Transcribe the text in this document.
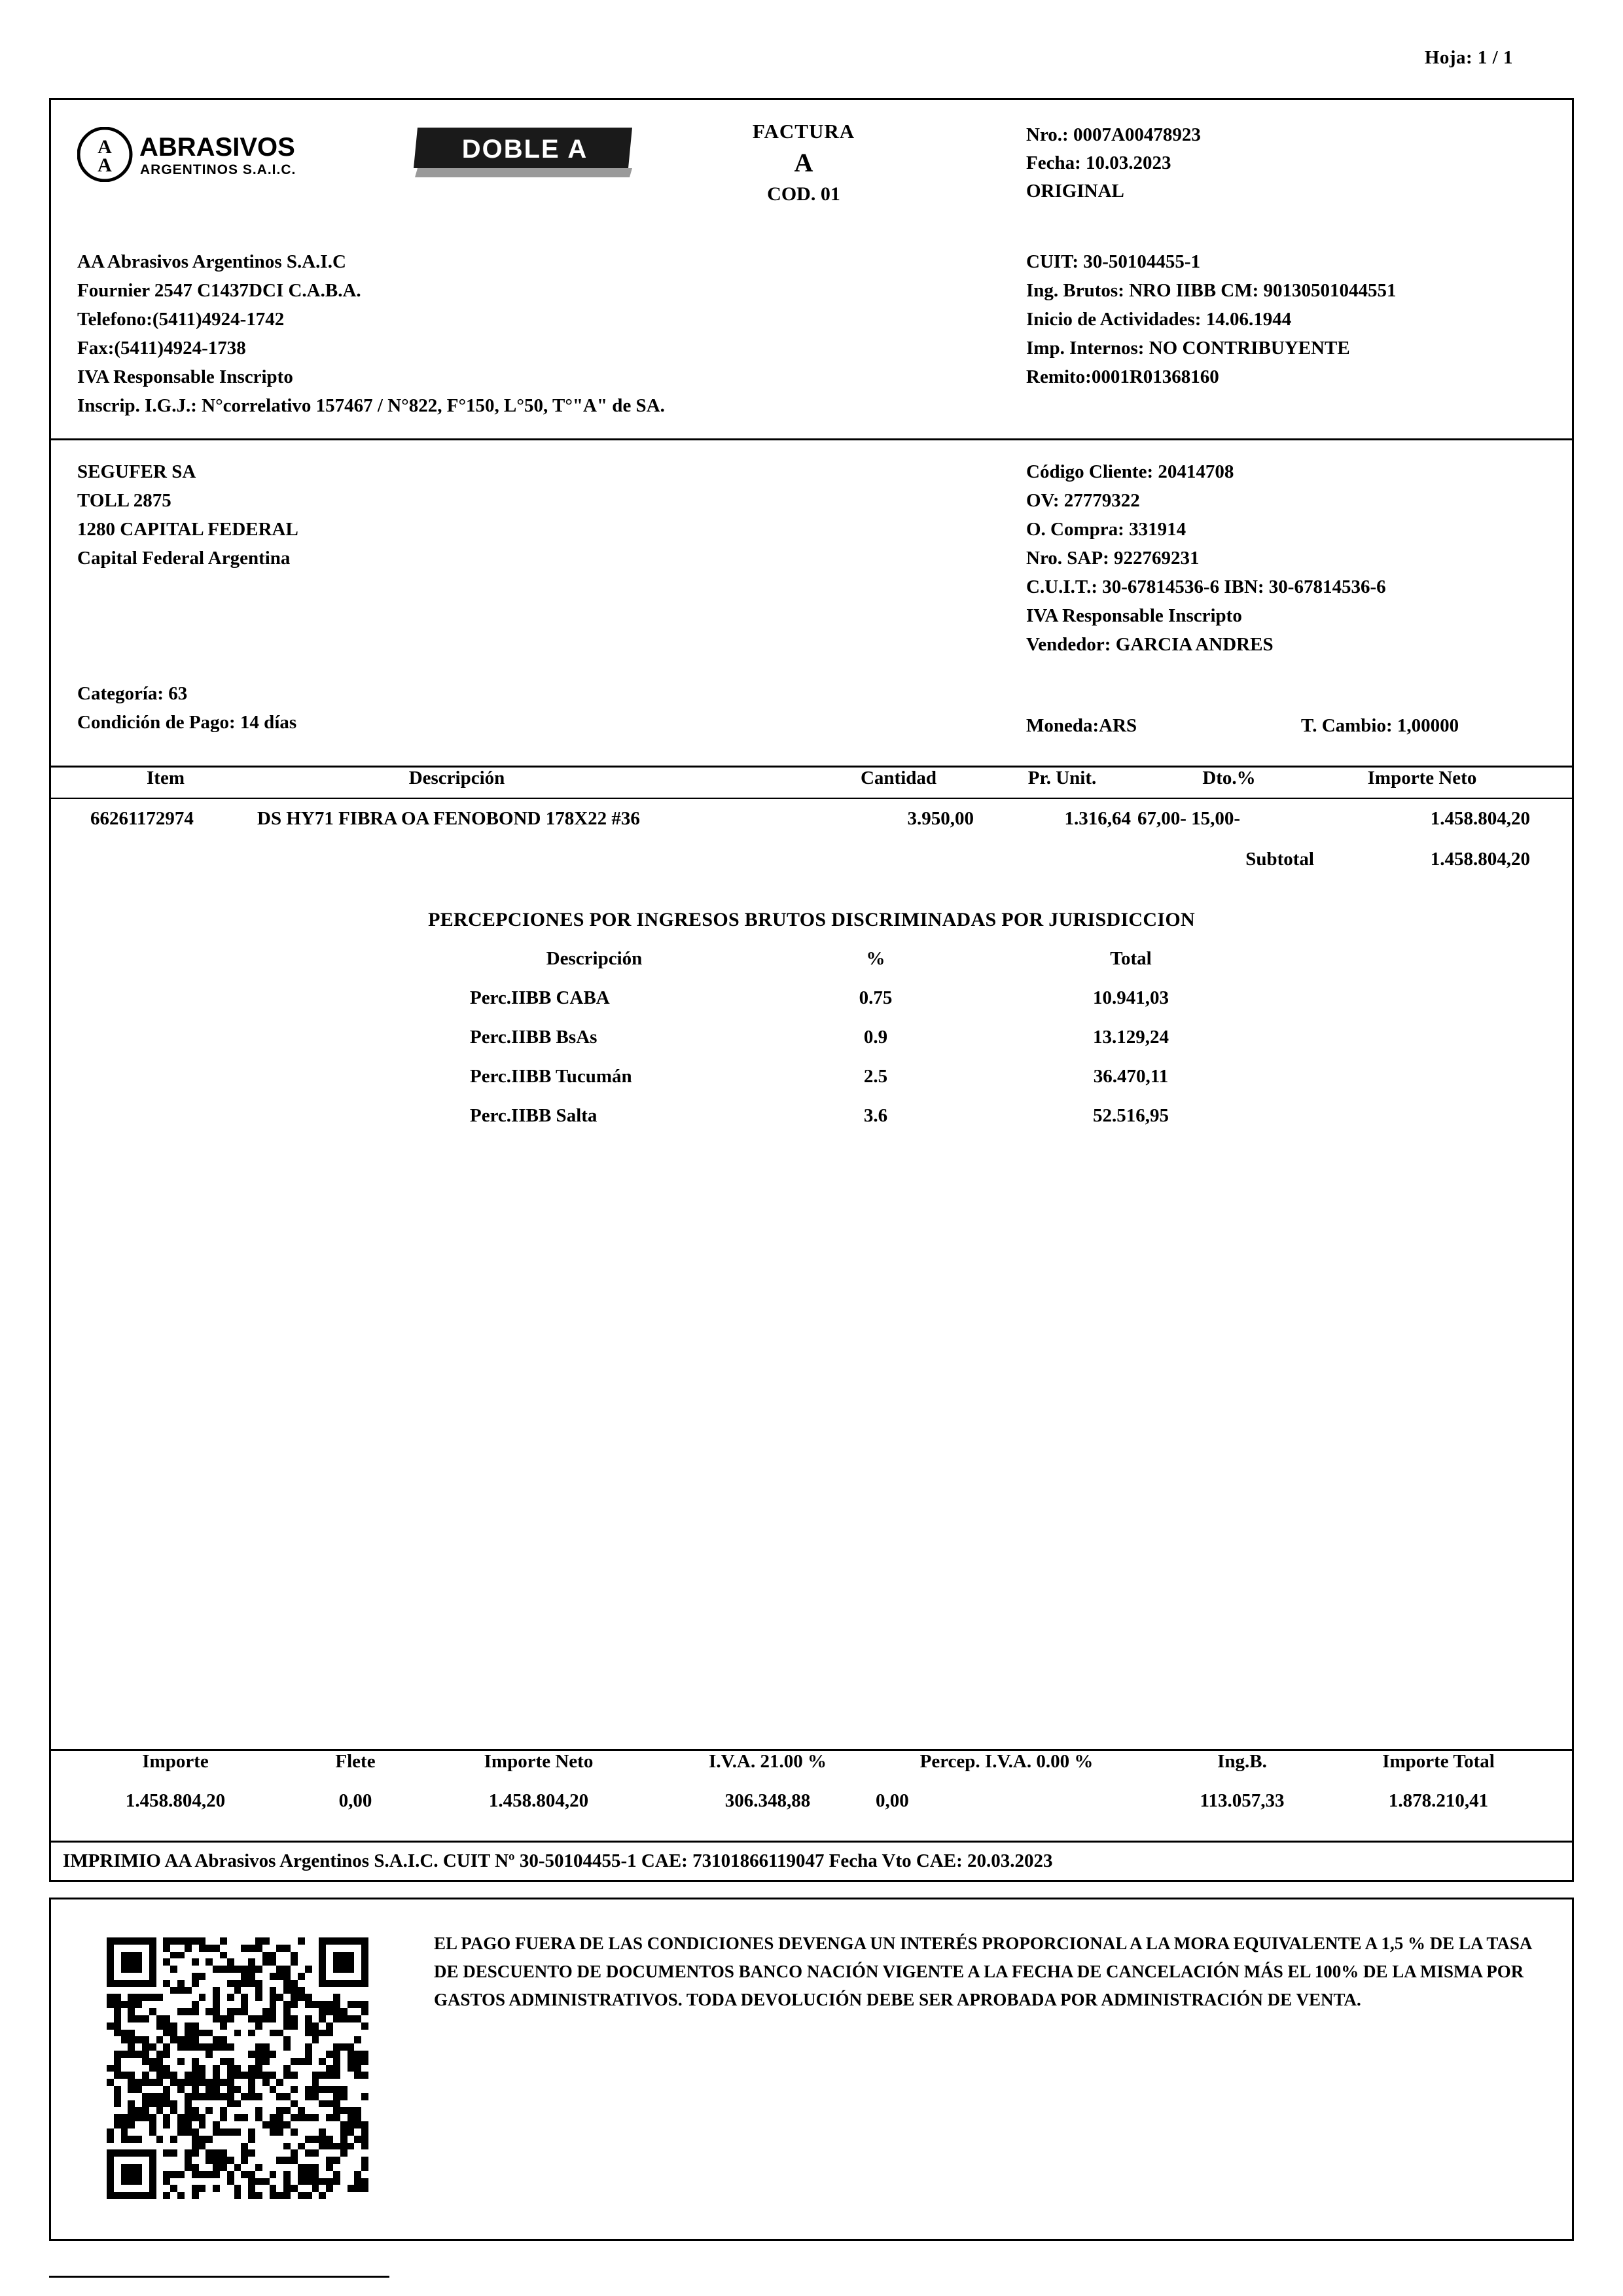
Hoja: 1 / 1
A
A
ABRASIVOS
ARGENTINOS S.A.I.C.
DOBLE A
FACTURA
A
COD. 01
Nro.: 0007A00478923
Fecha: 10.03.2023
ORIGINAL
AA Abrasivos Argentinos S.A.I.C
Fournier 2547 C1437DCI C.A.B.A.
Telefono:(5411)4924-1742
Fax:(5411)4924-1738
IVA Responsable Inscripto
Inscrip. I.G.J.: N°correlativo 157467 / N°822, F°150, L°50, T°"A" de SA.
CUIT: 30-50104455-1
Ing. Brutos: NRO IIBB CM: 90130501044551
Inicio de Actividades: 14.06.1944
Imp. Internos: NO CONTRIBUYENTE
Remito:0001R01368160
SEGUFER SA
TOLL 2875
1280 CAPITAL FEDERAL
Capital Federal Argentina
Código Cliente: 20414708
OV: 27779322
O. Compra: 331914
Nro. SAP: 922769231
C.U.I.T.: 30-67814536-6 IBN: 30-67814536-6
IVA Responsable Inscripto
Vendedor: GARCIA ANDRES
Categoría: 63
Condición de Pago: 14 días	Moneda:ARS	T. Cambio: 1,00000
Item	Descripción	Cantidad	Pr. Unit.	Dto.%	Importe Neto
66261172974	DS HY71 FIBRA OA FENOBOND 178X22 #36	3.950,00	1.316,64 67,00- 15,00-	1.458.804,20
Subtotal	1.458.804,20
PERCEPCIONES POR INGRESOS BRUTOS DISCRIMINADAS POR JURISDICCION
Descripción	%	Total
Perc.IIBB CABA	0.75	10.941,03
Perc.IIBB BsAs	0.9	13.129,24
Perc.IIBB Tucumán	2.5	36.470,11
Perc.IIBB Salta	3.6	52.516,95
Importe	Flete	Importe Neto	I.V.A. 21.00 %	Percep. I.V.A. 0.00 %	Ing.B.	Importe Total
1.458.804,20	0,00	1.458.804,20	306.348,88	0,00	113.057,33	1.878.210,41
IMPRIMIO AA Abrasivos Argentinos S.A.I.C. CUIT Nº 30-50104455-1 CAE: 73101866119047 Fecha Vto CAE: 20.03.2023
EL PAGO FUERA DE LAS CONDICIONES DEVENGA UN INTERÉS PROPORCIONAL A LA MORA EQUIVALENTE A 1,5 % DE LA TASA DE DESCUENTO DE DOCUMENTOS BANCO NACIÓN VIGENTE A LA FECHA DE CANCELACIÓN MÁS EL 100% DE LA MISMA POR GASTOS ADMINISTRATIVOS. TODA DEVOLUCIÓN DEBE SER APROBADA POR ADMINISTRACIÓN DE VENTA.
